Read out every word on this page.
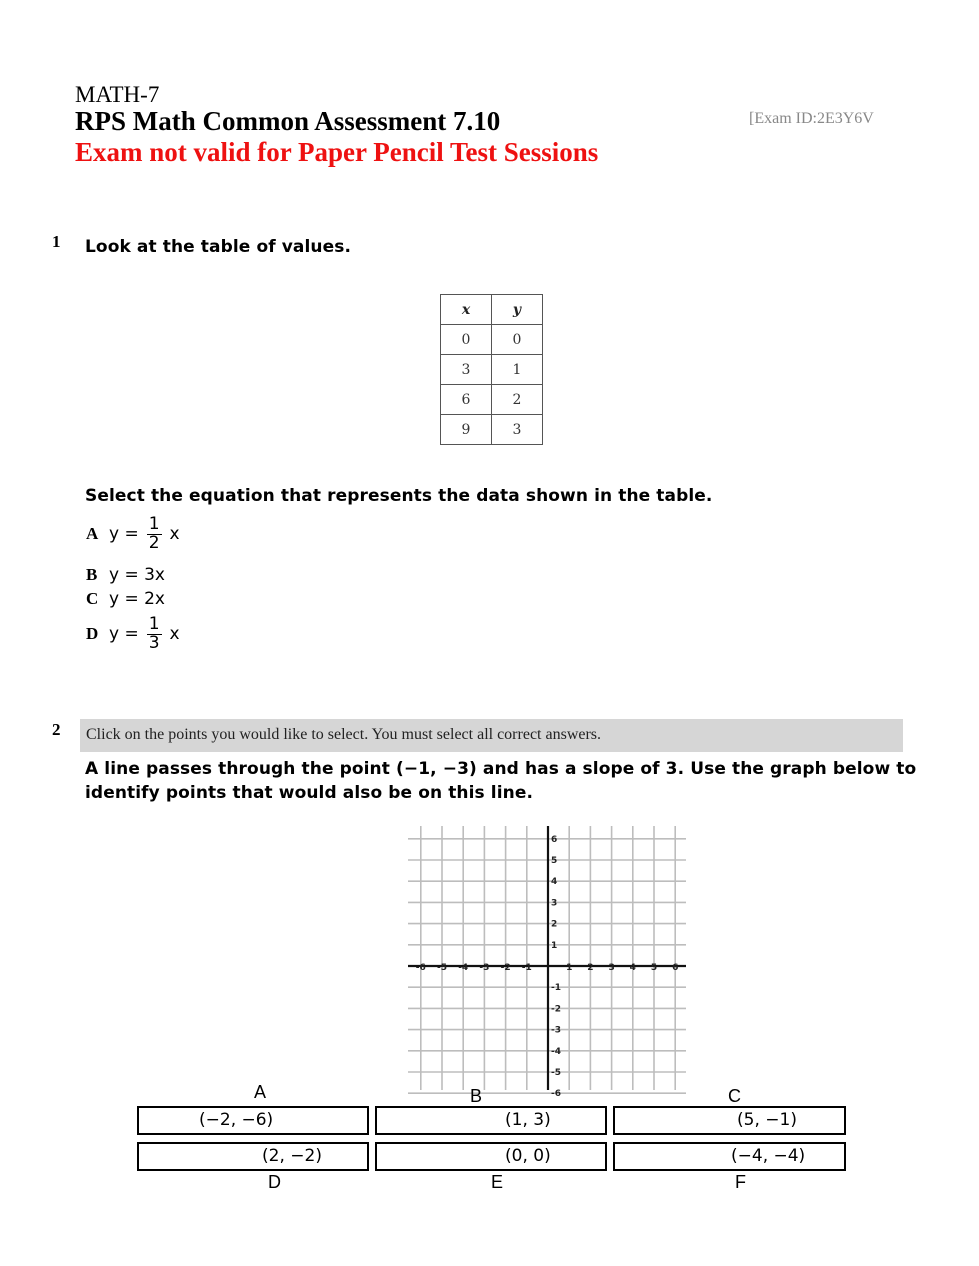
MATH-7
RPS Math Common Assessment 7.10
Exam not valid for Paper Pencil Test Sessions
[Exam ID:2E3Y6V
1 Look at the table of values.
x	y
0	0
3	1
6	2
9	3
Select the equation that represents the data shown in the table.
A $y = \frac{1}{2}$ x
B y = 3x
C y = 2x
D $y = \frac{1}{3}$ x
2 Click on the points you would like to select. You must select all correct answers.
A line passes through the point (−1, −3) and has a slope of 3. Use the graph below to
identify points that would also be on this line.
-6 -5 -4 -3 -2 -1	1 2 3 4 5 6
6
5
4
3
2
1
-1
-2
-3
-4
-5
-6
A	B	C
(−2, −6)	(1, 3)	(5, −1)
(2, −2)	(0, 0)	(−4, −4)
D	E	F
